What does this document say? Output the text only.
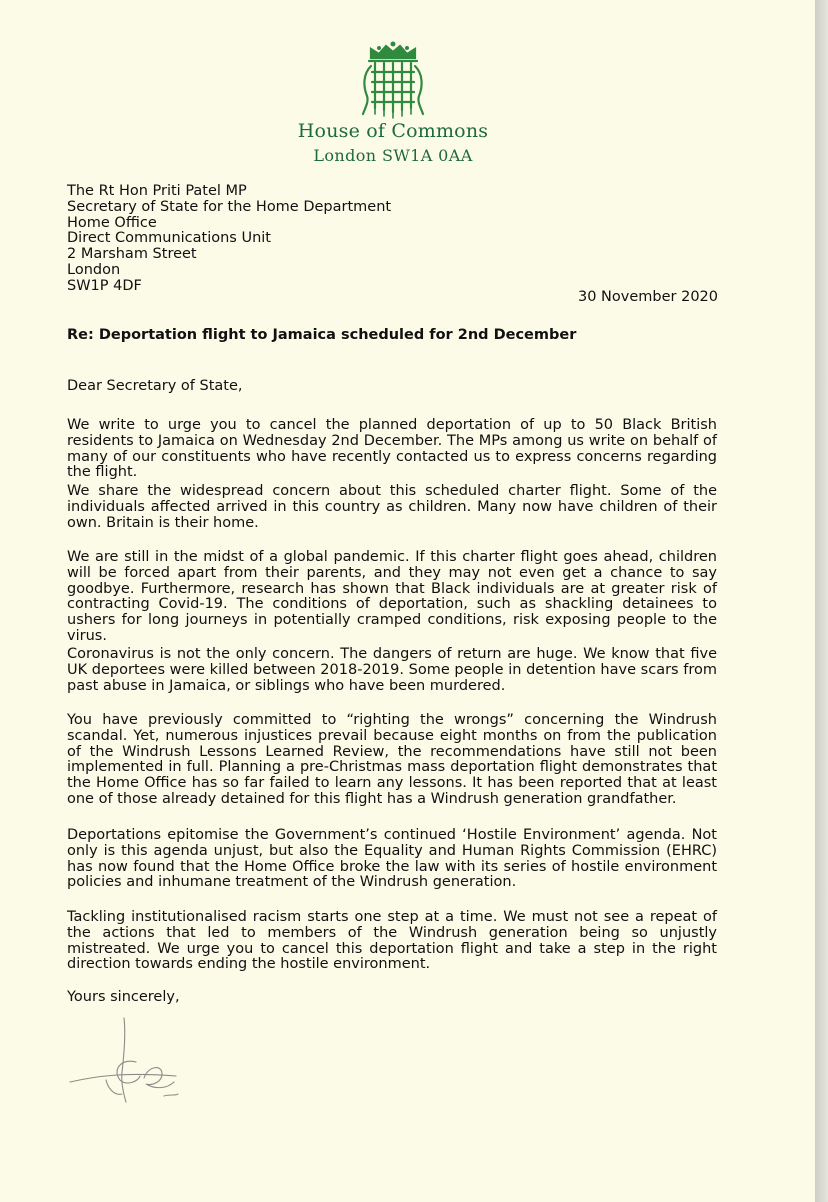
House of Commons
London SW1A 0AA
The Rt Hon Priti Patel MP
Secretary of State for the Home Department
Home Office
Direct Communications Unit
2 Marsham Street
London
SW1P 4DF
30 November 2020
Re: Deportation flight to Jamaica scheduled for 2nd December
Dear Secretary of State,
We write to urge you to cancel the planned deportation of up to 50 Black British residents to Jamaica on Wednesday 2nd December. The MPs among us write on behalf of many of our constituents who have recently contacted us to express concerns regarding the flight.
We share the widespread concern about this scheduled charter flight. Some of the individuals affected arrived in this country as children. Many now have children of their own. Britain is their home.
We are still in the midst of a global pandemic. If this charter flight goes ahead, children will be forced apart from their parents, and they may not even get a chance to say goodbye. Furthermore, research has shown that Black individuals are at greater risk of contracting Covid-19. The conditions of deportation, such as shackling detainees to ushers for long journeys in potentially cramped conditions, risk exposing people to the virus.
Coronavirus is not the only concern. The dangers of return are huge. We know that five UK deportees were killed between 2018-2019. Some people in detention have scars from past abuse in Jamaica, or siblings who have been murdered.
You have previously committed to “righting the wrongs” concerning the Windrush scandal. Yet, numerous injustices prevail because eight months on from the publication of the Windrush Lessons Learned Review, the recommendations have still not been implemented in full. Planning a pre-Christmas mass deportation flight demonstrates that the Home Office has so far failed to learn any lessons. It has been reported that at least one of those already detained for this flight has a Windrush generation grandfather.
Deportations epitomise the Government’s continued ‘Hostile Environment’ agenda. Not only is this agenda unjust, but also the Equality and Human Rights Commission (EHRC) has now found that the Home Office broke the law with its series of hostile environment policies and inhumane treatment of the Windrush generation.
Tackling institutionalised racism starts one step at a time. We must not see a repeat of the actions that led to members of the Windrush generation being so unjustly mistreated. We urge you to cancel this deportation flight and take a step in the right direction towards ending the hostile environment.
Yours sincerely,
